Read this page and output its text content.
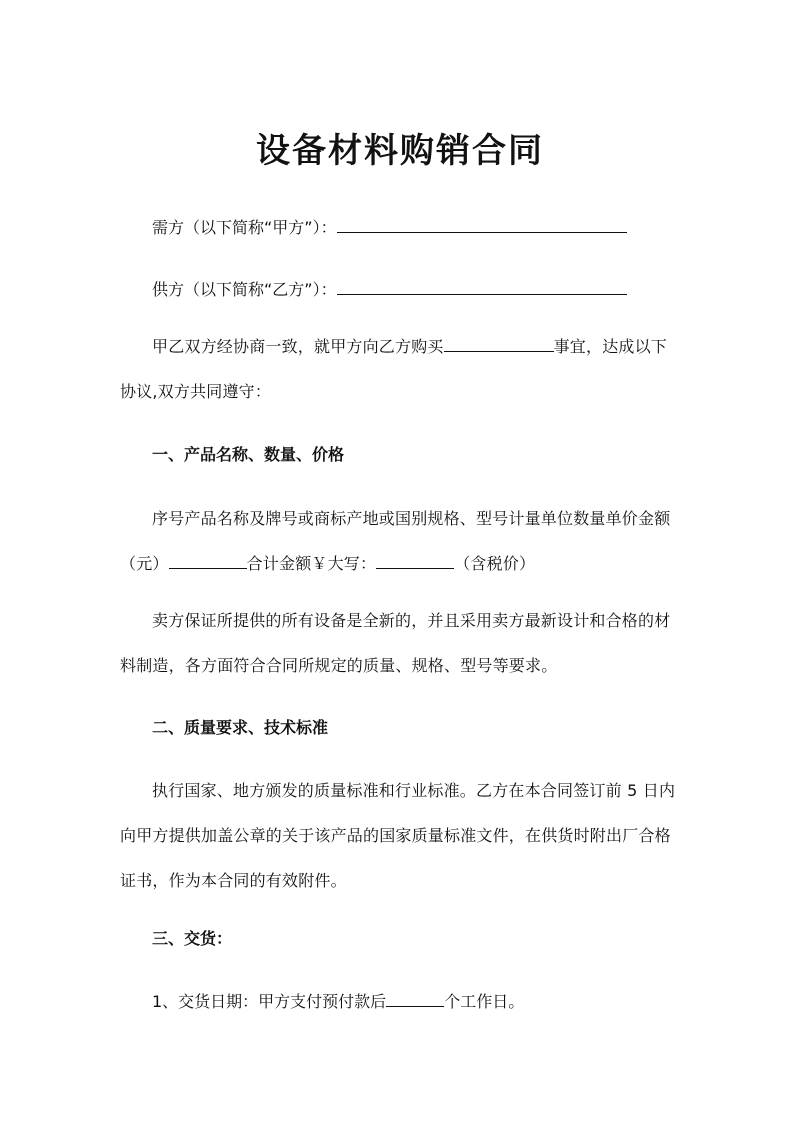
设备材料购销合同
需方（以下简称“甲方”）：
供方（以下简称“乙方”）：
甲乙双方经协商一致，就甲方向乙方购买	事宜，达成以下协议,双方共同遵守：
一、产品名称、数量、价格
序号产品名称及牌号或商标产地或国别规格、型号计量单位数量单价金额（元）	合计金额￥大写：	（含税价）
卖方保证所提供的所有设备是全新的，并且采用卖方最新设计和合格的材料制造，各方面符合合同所规定的质量、规格、型号等要求。
二、质量要求、技术标准
执行国家、地方颁发的质量标准和行业标准。乙方在本合同签订前 5 日内向甲方提供加盖公章的关于该产品的国家质量标准文件，在供货时附出厂合格证书，作为本合同的有效附件。
三、交货：
1、交货日期：甲方支付预付款后	个工作日。
